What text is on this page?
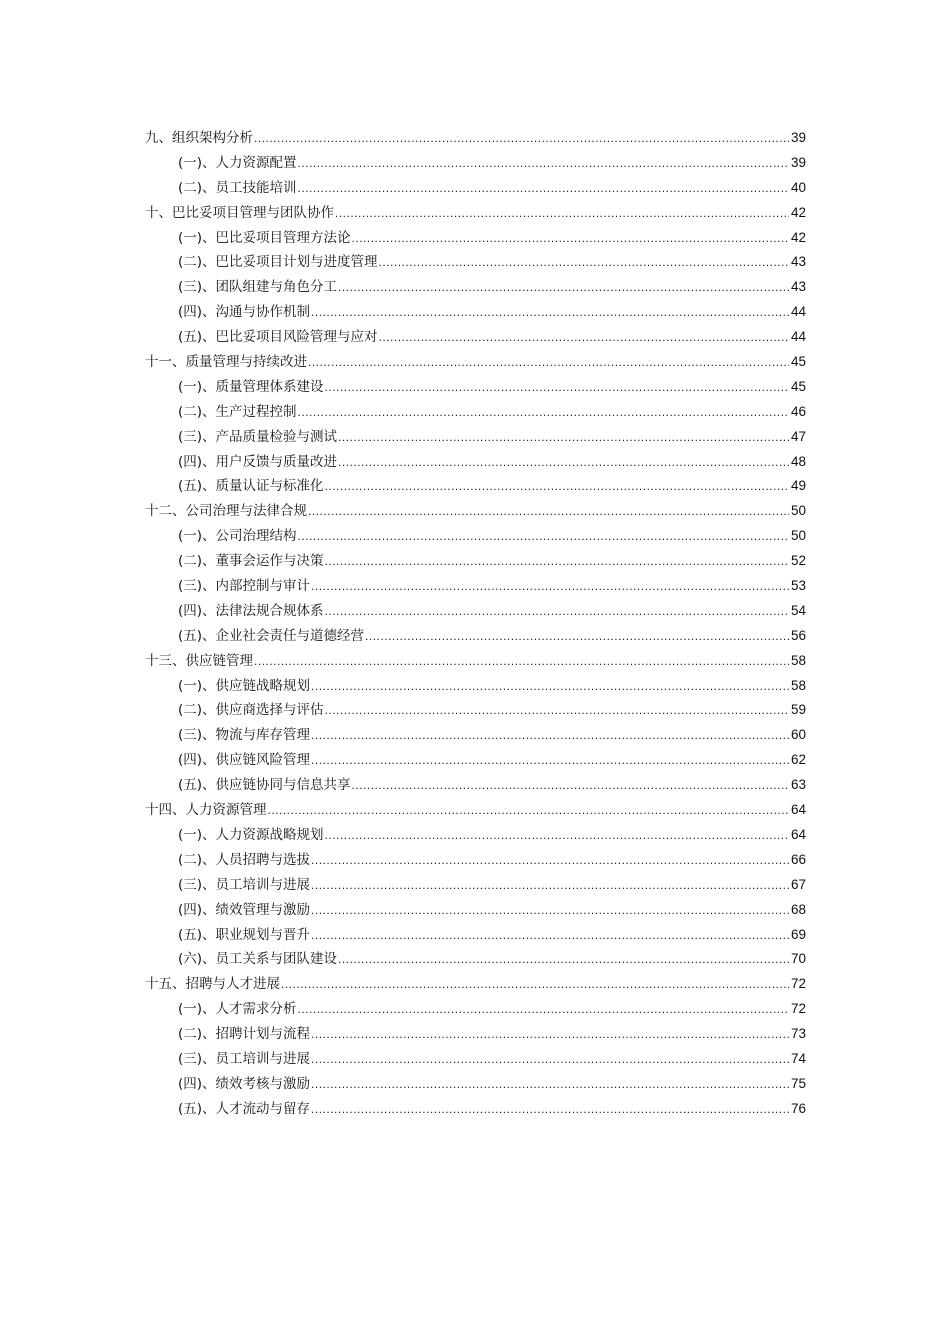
九、组织架构分析 .....	39
(一)、人力资源配置 .....	39
(二)、员工技能培训 .....	40
十、巴比妥项目管理与团队协作 .....	42
(一)、巴比妥项目管理方法论 .....	42
(二)、巴比妥项目计划与进度管理 .....	43
(三)、团队组建与角色分工 .....	43
(四)、沟通与协作机制 .....	44
(五)、巴比妥项目风险管理与应对 .....	44
十一、质量管理与持续改进 .....	45
(一)、质量管理体系建设 .....	45
(二)、生产过程控制 .....	46
(三)、产品质量检验与测试 .....	47
(四)、用户反馈与质量改进 .....	48
(五)、质量认证与标准化 .....	49
十二、公司治理与法律合规 .....	50
(一)、公司治理结构 .....	50
(二)、董事会运作与决策 .....	52
(三)、内部控制与审计 .....	53
(四)、法律法规合规体系 .....	54
(五)、企业社会责任与道德经营 .....	56
十三、供应链管理 .....	58
(一)、供应链战略规划 .....	58
(二)、供应商选择与评估 .....	59
(三)、物流与库存管理 .....	60
(四)、供应链风险管理 .....	62
(五)、供应链协同与信息共享 .....	63
十四、人力资源管理 .....	64
(一)、人力资源战略规划 .....	64
(二)、人员招聘与选拔 .....	66
(三)、员工培训与进展 .....	67
(四)、绩效管理与激励 .....	68
(五)、职业规划与晋升 .....	69
(六)、员工关系与团队建设 .....	70
十五、招聘与人才进展 .....	72
(一)、人才需求分析 .....	72
(二)、招聘计划与流程 .....	73
(三)、员工培训与进展 .....	74
(四)、绩效考核与激励 .....	75
(五)、人才流动与留存 .....	76
